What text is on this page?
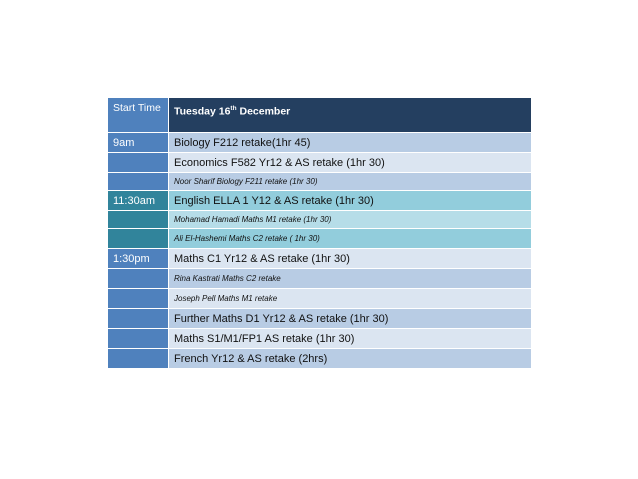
Start Time	Tuesday 16th December
9am	Biology F212 retake(1hr 45)
	Economics F582 Yr12 & AS retake (1hr 30)
	Noor Sharif Biology F211 retake (1hr 30)
11:30am	English ELLA 1 Y12 & AS retake (1hr 30)
	Mohamad Hamadi Maths M1 retake (1hr 30)
	Ali El-Hashemi Maths C2 retake ( 1hr 30)
1:30pm	Maths C1 Yr12 & AS retake (1hr 30)
	Rina Kastrati Maths C2 retake
	Joseph Pell Maths M1 retake
	Further Maths D1 Yr12 & AS retake (1hr 30)
	Maths S1/M1/FP1 AS retake (1hr 30)
	French Yr12 & AS retake (2hrs)
